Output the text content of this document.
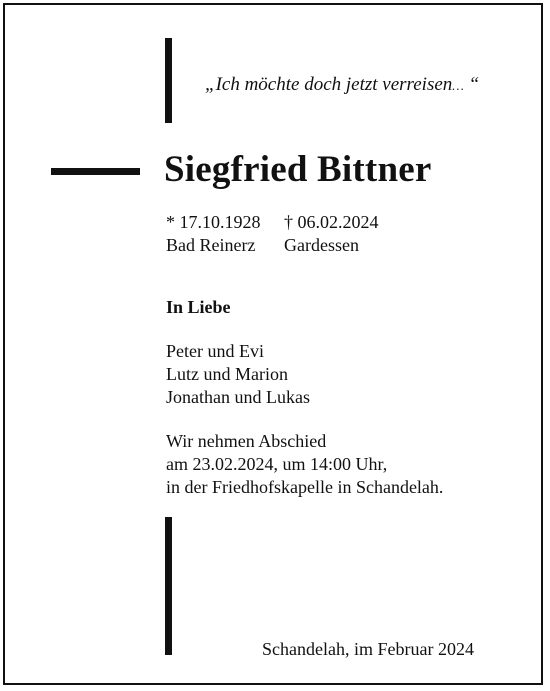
„Ich möchte doch jetzt verreisen… “
Siegfried Bittner
* 17.10.1928
Bad Reinerz
† 06.02.2024
Gardessen
In Liebe
Peter und Evi
Lutz und Marion
Jonathan und Lukas
Wir nehmen Abschied
am 23.02.2024, um 14:00 Uhr,
in der Friedhofskapelle in Schandelah.
Schandelah, im Februar 2024
